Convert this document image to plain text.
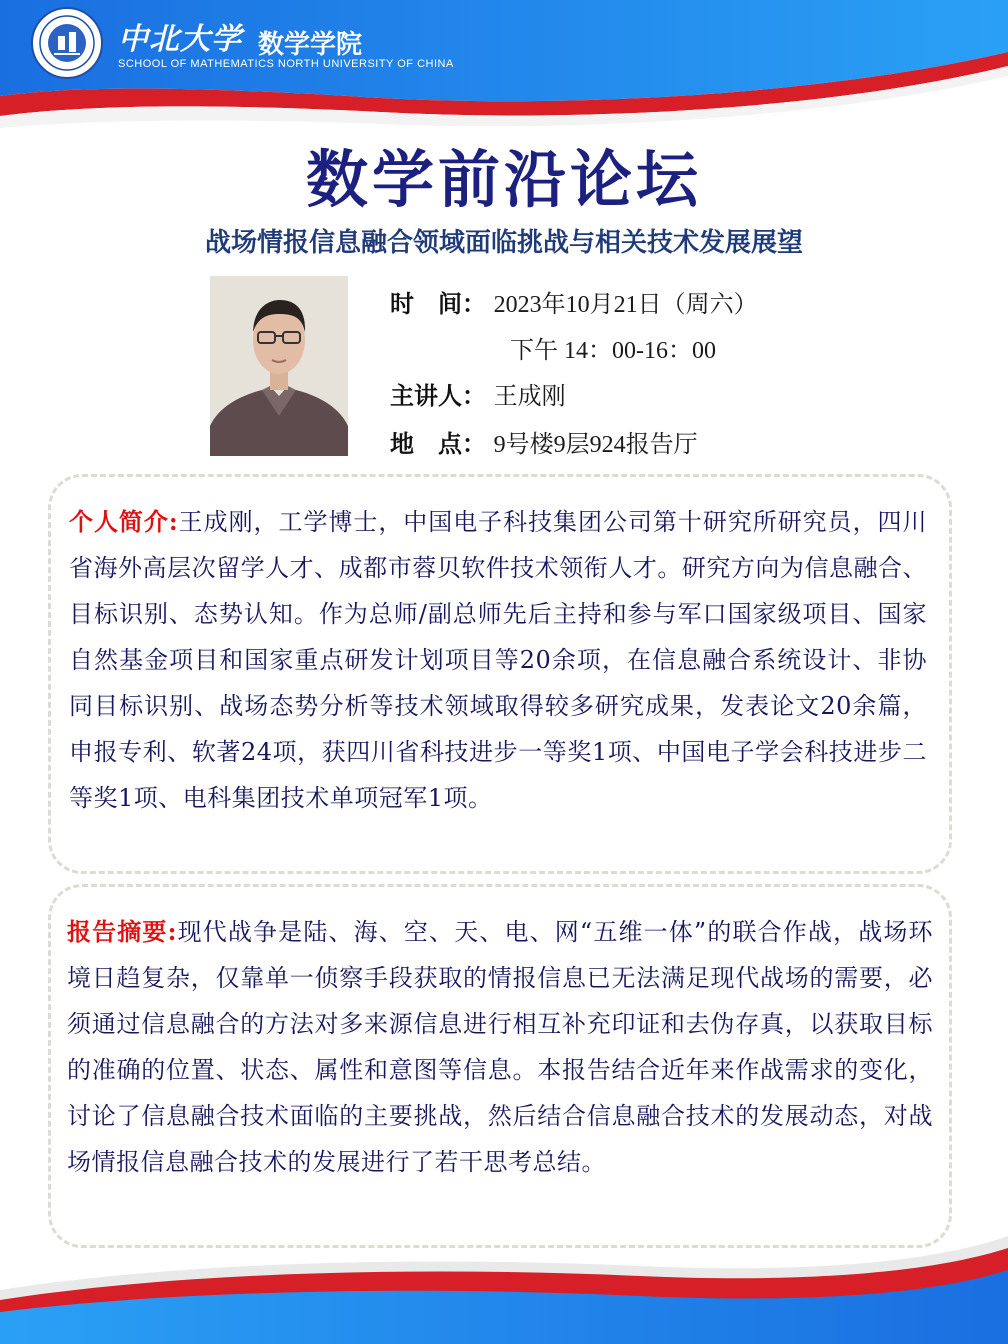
中北大学 数学学院
SCHOOL OF MATHEMATICS NORTH UNIVERSITY OF CHINA
数学前沿论坛
战场情报信息融合领域面临挑战与相关技术发展展望
时　间： 2023年10月21日（周六）
下午 14：00-16：00
主讲人： 王成刚
地　点： 9号楼9层924报告厅
个人简介:王成刚，工学博士，中国电子科技集团公司第十研究所研究员，四川省海外高层次留学人才、成都市蓉贝软件技术领衔人才。研究方向为信息融合、目标识别、态势认知。作为总师/副总师先后主持和参与军口国家级项目、国家自然基金项目和国家重点研发计划项目等20余项，在信息融合系统设计、非协同目标识别、战场态势分析等技术领域取得较多研究成果，发表论文20余篇，申报专利、软著24项，获四川省科技进步一等奖1项、中国电子学会科技进步二等奖1项、电科集团技术单项冠军1项。
报告摘要:现代战争是陆、海、空、天、电、网“五维一体”的联合作战，战场环境日趋复杂，仅靠单一侦察手段获取的情报信息已无法满足现代战场的需要，必须通过信息融合的方法对多来源信息进行相互补充印证和去伪存真，以获取目标的准确的位置、状态、属性和意图等信息。本报告结合近年来作战需求的变化，讨论了信息融合技术面临的主要挑战，然后结合信息融合技术的发展动态，对战场情报信息融合技术的发展进行了若干思考总结。
